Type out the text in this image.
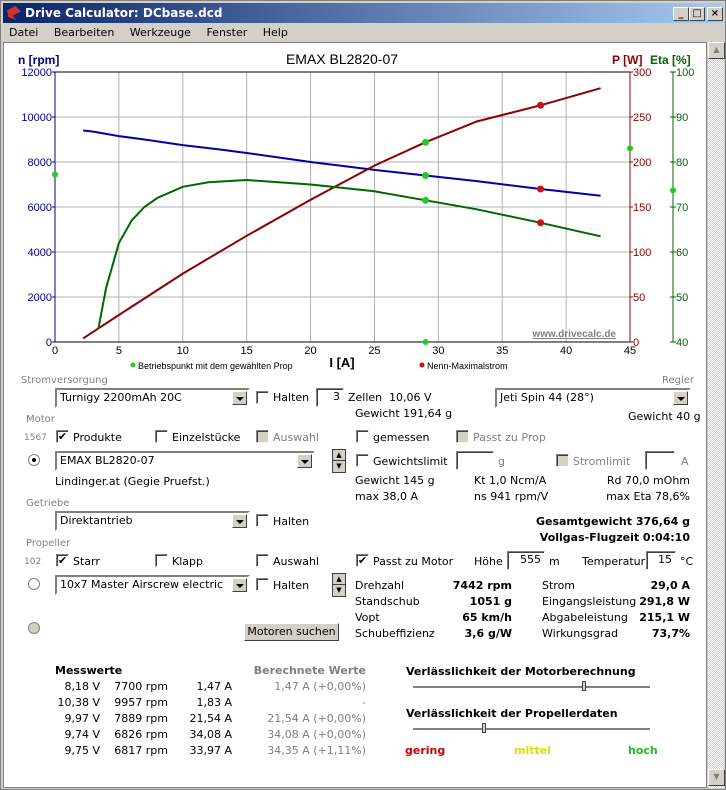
Drive Calculator: DCbase.dcd	_ □ ×
Datei Bearbeiten Werkzeuge Fenster Help
0	5	10	15	20	25	30	35	40	45
0
2000
4000
6000
8000
10000
12000
0
50
100
150
200
250
300
40
50
60
70
80
90
100
EMAX BL2820-07
n [rpm]	P [W] Eta [%]
I [A]
www.drivecalc.de
Betriebspunkt mit dem gewählten Prop	Nenn-Maximalstrom
Stromversorgung
Turnigy 2200mAh 20C	Halten	3 Zellen 10,06 V
Gewicht 191,64 g
Regler
Jeti Spin 44 (28°)
Gewicht 40 g
Motor
1567 ✔ Produkte	Einzelstücke	Auswahl	gemessen	Passt zu Prop
EMAX BL2820-07	▲
▼	Gewichtslimit	g	Stromlimit	A
Lindinger.at (Gegie Pruefst.)	Gewicht 145 g
max 38,0 A
Kt 1,0 Ncm/A
ns 941 rpm/V
Rd 70,0 mOhm
max Eta 78,6%
Getriebe
Direktantrieb	Halten	Gesamtgewicht 376,64 g
Vollgas-Flugzeit 0:04:10
Propeller
102 ✔ Starr	Klapp	Auswahl	✔ Passt zu Motor Höhe	555 m Temperatur	15 °C
10x7 Master Airscrew electric	Halten	▲
▼
Motoren suchen
Drehzahl	7442 rpm
Standschub	1051 g
Vopt	65 km/h
Schubeffizienz	3,6 g/W
Strom	29,0 A
Eingangsleistung 291,8 W
Abgabeleistung	215,1 W
Wirkungsgrad	73,7%
Messwerte	Berechnete Werte
8,18 V	7700 rpm	1,47 A	1,47 A (+0,00%)
10,38 V	9957 rpm	1,83 A	-
9,97 V	7889 rpm	21,54 A	21,54 A (+0,00%)
9,74 V	6826 rpm	34,08 A	34,08 A (+0,00%)
9,75 V	6817 rpm	33,97 A	34,35 A (+1,11%)
Verlässlichkeit der Motorberechnung
Verlässlichkeit der Propellerdaten
gering	mittel	hoch
▲
▼
